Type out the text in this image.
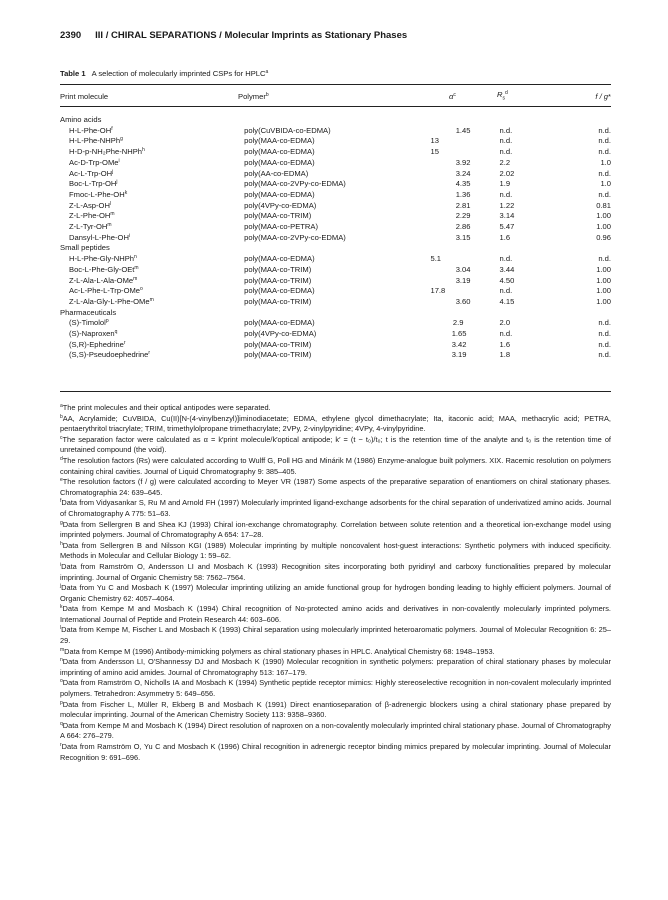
2390 III / CHIRAL SEPARATIONS / Molecular Imprints as Stationary Phases
Table 1 A selection of molecularly imprinted CSPs for HPLC$^a$
Print molecule	Polymer$^b$	$\alpha^c$	$R_s^d$	f / g*
Amino acids				
$H-L-Phe-OH^f$	poly(CuVBIDA-co-EDMA)	1.45	n.d.	n.d.
H-L-Phe-NHPh$^g$	poly(MAA-co-EDMA)	13	n.d.	n.d.
H-D-p-NH₂Phe-NHPh$^h$	poly(MAA-co-EDMA)	15	n.d.	n.d.
Ac-D-Trp-OMe$^i$	poly(MAA-co-EDMA)	3.92	2.2	1.0
$Ac-L-Trp-OH^j$	poly(AA-co-EDMA)	3.24	2.02	n.d.
Boc-$L-Trp-OH^j$	poly(MAA-co-2VPy-co-EDMA)	4.35	1.9	1.0
Fmoc-$L-Phe-OH^k$	poly(MAA-co-EDMA)	1.36	n.d.	n.d.
$Z-L-Asp-OH^l$	poly(4VPy-co-EDMA)	2.81	1.22	0.81
$Z-L-Phe-OH^m$	poly(MAA-co-TRIM)	2.29	3.14	1.00
$Z-L-Tyr-OH^m$	poly(MAA-co-PETRA)	2.86	5.47	1.00
Dansyl-$L-Phe-OH^i$	poly(MAA-co-2VPy-co-EDMA)	3.15	1.6	0.96
Small peptides				
H-L-Phe-Gly-NHPh$^n$	poly(MAA-co-EDMA)	5.1	n.d.	n.d.
Boc-L-Phe-Gly-OEt$^m$	poly(MAA-co-TRIM)	3.04	3.44	1.00
Z-L-Ala-L-Ala-OMe$^m$	poly(MAA-co-TRIM)	3.19	4.50	1.00
Ac-L-Phe-L-Trp-OMe$^o$	poly(MAA-co-EDMA)	17.8	n.d.	1.00
Z-L-Ala-Gly-L-Phe-OMe$^m$	poly(MAA-co-TRIM)	3.60	4.15	1.00
Pharmaceuticals				
(S)-Timolol$^p$	poly(MAA-co-EDMA)	2.9	2.0	n.d.
(S)-Naproxen$^q$	poly(4VPy-co-EDMA)	1.65	n.d.	n.d.
(S,R)-Ephedrine$^r$	poly(MAA-co-TRIM)	3.42	1.6	n.d.
(S,S)-Pseudoephedrine$^r$	poly(MAA-co-TRIM)	3.19	1.8	n.d.

$^a$The print molecules and their optical antipodes were separated.

$^b$AA, Acrylamide; CuVBIDA, Cu(II)[N-(4-vinylbenzyl)]iminodiacetate; EDMA, ethylene glycol dimethacrylate; Ita, itaconic acid; MAA, methacrylic acid; PETRA, pentaerythritol triacrylate; TRIM, trimethylolpropane trimethacrylate; 2VPy, 2-vinylpyridine; 4VPy, 4-vinylpyridine.

$^c$The separation factor were calculated as α = k′print molecule/k′optical antipode; k′ = (t − t₀)/t₀; t is the retention time of the analyte and t₀ is the retention time of unretained compound (the void).

$^d$The resolution factors (Rs) were calculated according to Wulff G, Poll HG and Minárik M (1986) Enzyme-analogue built polymers. XIX. Racemic resolution on polymers containing chiral cavities. Journal of Liquid Chromatography 9: 385–405.

$^e$The resolution factors (f / g) were calculated according to Meyer VR (1987) Some aspects of the preparative separation of enantiomers on chiral stationary phases. Chromatographia 24: 639–645.

$^f$Data from Vidyasankar S, Ru M and Arnold FH (1997) Molecularly imprinted ligand-exchange adsorbents for the chiral separation of underivatized amino acids. Journal of Chromatography A 775: 51–63.

$^g$Data from Sellergren B and Shea KJ (1993) Chiral ion-exchange chromatography. Correlation between solute retention and a theoretical ion-exchange model using imprinted polymers. Journal of Chromatography A 654: 17–28.

$^h$Data from Sellergren B and Nilsson KGI (1989) Molecular imprinting by multiple noncovalent host-guest interactions: Synthetic polymers with induced specificity. Methods in Molecular and Cellular Biology 1: 59–62.

$^i$Data from Ramström O, Andersson LI and Mosbach K (1993) Recognition sites incorporating both pyridinyl and carboxy functionalities prepared by molecular imprinting. Journal of Organic Chemistry 58: 7562–7564.

$^j$Data from Yu C and Mosbach K (1997) Molecular imprinting utilizing an amide functional group for hydrogen bonding leading to highly efficient polymers. Journal of Organic Chemistry 62: 4057–4064.

$^k$Data from Kempe M and Mosbach K (1994) Chiral recognition of Nα-protected amino acids and derivatives in non-covalently molecularly imprinted polymers. International Journal of Peptide and Protein Research 44: 603–606.

$^l$Data from Kempe M, Fischer L and Mosbach K (1993) Chiral separation using molecularly imprinted heteroaromatic polymers. Journal of Molecular Recognition 6: 25–29.

$^m$Data from Kempe M (1996) Antibody-mimicking polymers as chiral stationary phases in HPLC. Analytical Chemistry 68: 1948–1953.

$^n$Data from Andersson LI, O'Shannessy DJ and Mosbach K (1990) Molecular recognition in synthetic polymers: preparation of chiral stationary phases by molecular imprinting of amino acid amides. Journal of Chromatography 513: 167–179.

$^o$Data from Ramström O, Nicholls IA and Mosbach K (1994) Synthetic peptide receptor mimics: Highly stereoselective recognition in non-covalent molecularly imprinted polymers. Tetrahedron: Asymmetry 5: 649–656.

$^p$Data from Fischer L, Müller R, Ekberg B and Mosbach K (1991) Direct enantioseparation of β-adrenergic blockers using a chiral stationary phase prepared by molecular imprinting. Journal of the American Chemistry Society 113: 9358–9360.

$^q$Data from Kempe M and Mosbach K (1994) Direct resolution of naproxen on a non-covalently molecularly imprinted chiral stationary phase. Journal of Chromatography A 664: 276–279.

$^r$Data from Ramström O, Yu C and Mosbach K (1996) Chiral recognition in adrenergic receptor binding mimics prepared by molecular imprinting. Journal of Molecular Recognition 9: 691–696.
